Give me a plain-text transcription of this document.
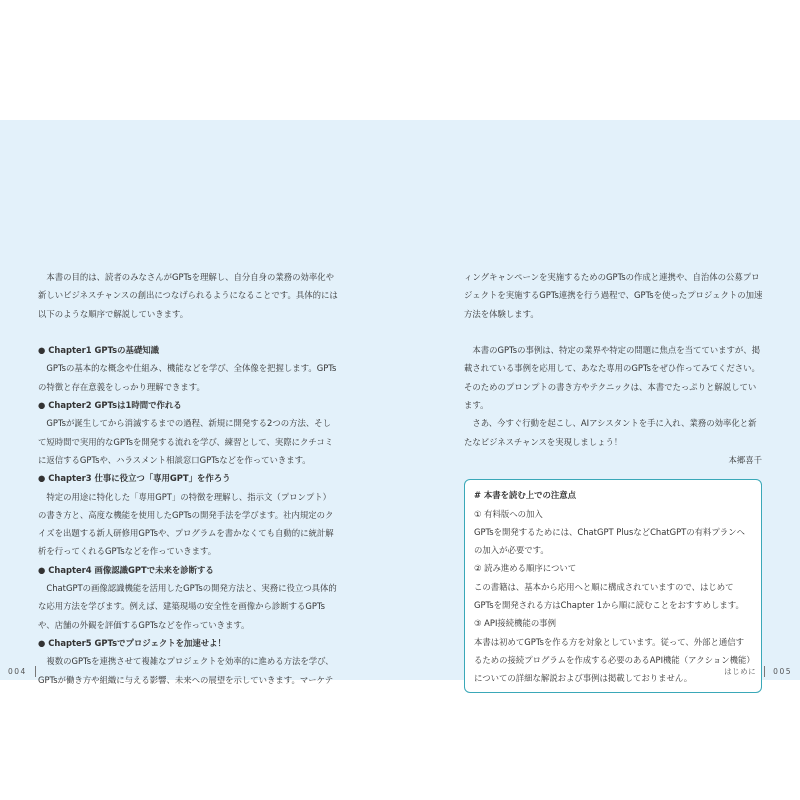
本書の目的は、読者のみなさんがGPTsを理解し、自分自身の業務の効率化や新しいビジネスチャンスの創出につなげられるようになることです。具体的には以下のような順序で解説していきます。

● Chapter1 GPTsの基礎知識
GPTsの基本的な概念や仕組み、機能などを学び、全体像を把握します。GPTsの特徴と存在意義をしっかり理解できます。
● Chapter2 GPTsは1時間で作れる
GPTsが誕生してから消滅するまでの過程、新規に開発する2つの方法、そして短時間で実用的なGPTsを開発する流れを学び、練習として、実際にクチコミに返信するGPTsや、ハラスメント相談窓口GPTsなどを作っていきます。
● Chapter3 仕事に役立つ「専用GPT」を作ろう
特定の用途に特化した「専用GPT」の特徴を理解し、指示文（プロンプト）の書き方と、高度な機能を使用したGPTsの開発手法を学びます。社内規定のクイズを出題する新人研修用GPTsや、プログラムを書かなくても自動的に統計解析を行ってくれるGPTsなどを作っていきます。
● Chapter4 画像認識GPTで未来を診断する
ChatGPTの画像認識機能を活用したGPTsの開発方法と、実務に役立つ具体的な応用方法を学びます。例えば、建築現場の安全性を画像から診断するGPTsや、店舗の外観を評価するGPTsなどを作っていきます。
● Chapter5 GPTsでプロジェクトを加速せよ！
複数のGPTsを連携させて複雑なプロジェクトを効率的に進める方法を学び、GPTsが働き方や組織に与える影響、未来への展望を示していきます。マーケテ
004
ィングキャンペーンを実施するためのGPTsの作成と連携や、自治体の公募プロジェクトを実施するGPTs連携を行う過程で、GPTsを使ったプロジェクトの加速方法を体験します。

本書のGPTsの事例は、特定の業界や特定の問題に焦点を当てていますが、掲載されている事例を応用して、あなた専用のGPTsをぜひ作ってみてください。そのためのプロンプトの書き方やテクニックは、本書でたっぷりと解説しています。

さあ、今すぐ行動を起こし、AIアシスタントを手に入れ、業務の効率化と新たなビジネスチャンスを実現しましょう！

本郷喜千
# 本書を読む上での注意点
① 有料版への加入
GPTsを開発するためには、ChatGPT PlusなどChatGPTの有料プランへの加入が必要です。
② 読み進める順序について
この書籍は、基本から応用へと順に構成されていますので、はじめてGPTsを開発される方はChapter 1から順に読むことをおすすめします。
③ API接続機能の事例
本書は初めてGPTsを作る方を対象としています。従って、外部と通信するための接続プログラムを作成する必要のあるAPI機能（アクション機能）についての詳細な解説および事例は掲載しておりません。
はじめに 005
